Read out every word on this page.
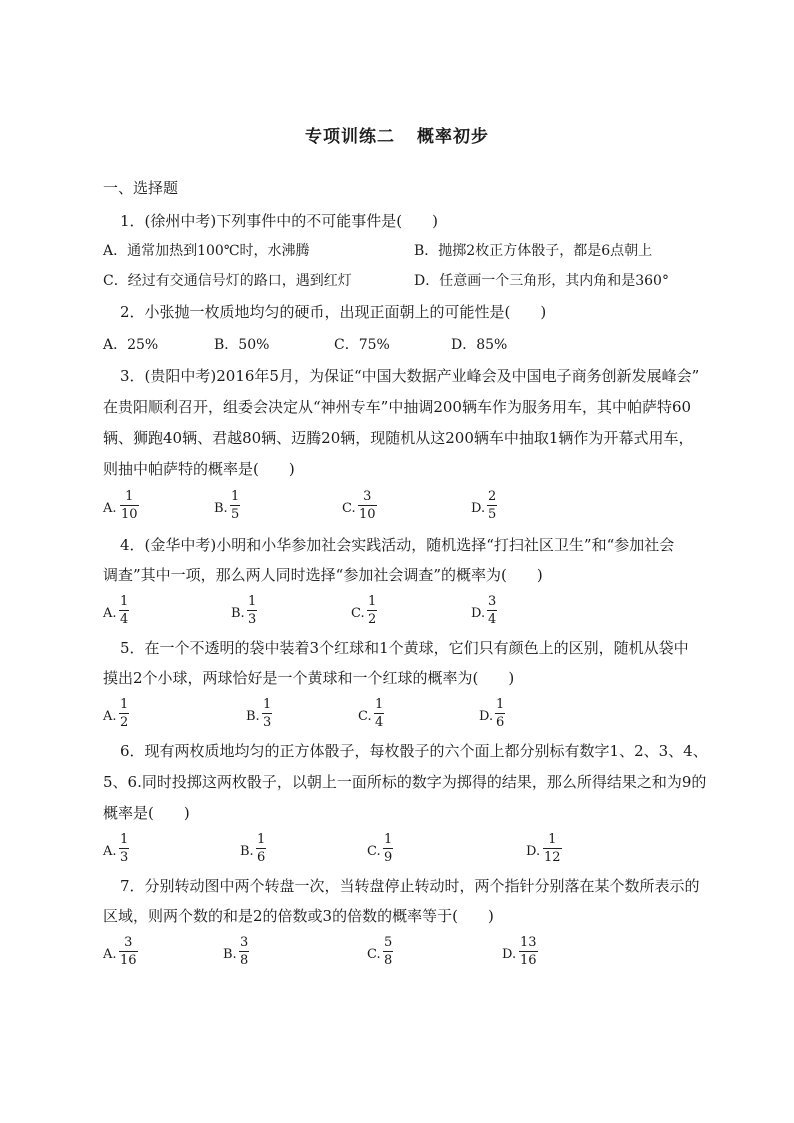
专项训练二 概率初步
一、选择题
1．(徐州中考)下列事件中的不可能事件是(　　)
A．通常加热到100℃时，水沸腾	B．抛掷2枚正方体骰子，都是6点朝上
C．经过有交通信号灯的路口，遇到红灯	D．任意画一个三角形，其内角和是360°
2．小张抛一枚质地均匀的硬币，出现正面朝上的可能性是(　　)
A．25%	B．50%	C．75%	D．85%
3．(贵阳中考)2016年5月，为保证“中国大数据产业峰会及中国电子商务创新发展峰会”
在贵阳顺利召开，组委会决定从“神州专车”中抽调200辆车作为服务用车，其中帕萨特60
辆、狮跑40辆、君越80辆、迈腾20辆，现随机从这200辆车中抽取1辆作为开幕式用车，
则抽中帕萨特的概率是(　　)
A.
1
10	B.
1
5	C.
3
10	D.
2
5
4．(金华中考)小明和小华参加社会实践活动，随机选择“打扫社区卫生”和“参加社会
调查”其中一项，那么两人同时选择“参加社会调查”的概率为(　　)
A.
1
4	B.
1
3	C.
1
2	D.
3
4
5．在一个不透明的袋中装着3个红球和1个黄球，它们只有颜色上的区别，随机从袋中
摸出2个小球，两球恰好是一个黄球和一个红球的概率为(　　)
A.
1
2	B.
1
3	C.
1
4	D.
1
6
6．现有两枚质地均匀的正方体骰子，每枚骰子的六个面上都分别标有数字1、2、3、4、
5、6.同时投掷这两枚骰子，以朝上一面所标的数字为掷得的结果，那么所得结果之和为9的
概率是(　　)
A.
1
3	B.
1
6	C.
1
9	D.
1
12
7．分别转动图中两个转盘一次，当转盘停止转动时，两个指针分别落在某个数所表示的
区域，则两个数的和是2的倍数或3的倍数的概率等于(　　)
A.
3
16	B.
3
8	C.
5
8	D.
13
16
